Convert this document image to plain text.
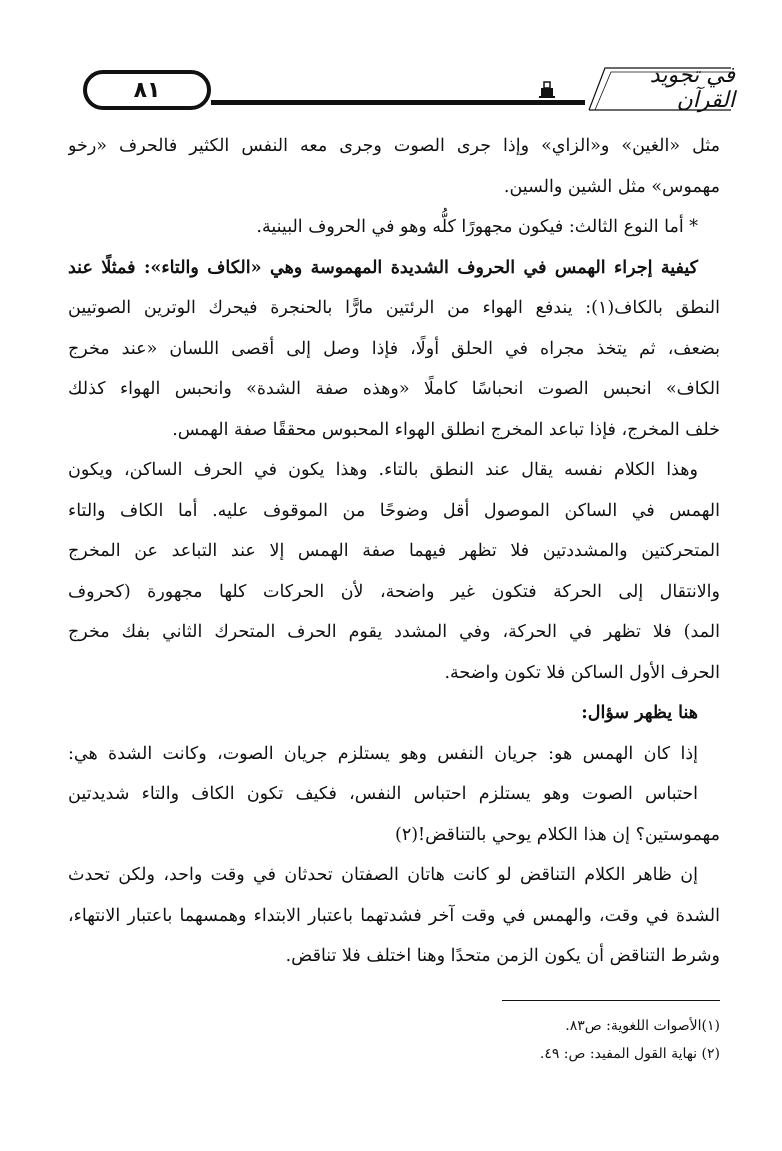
٨١
في تجويد القرآن
مثل «الغين» و«الزاي» وإذا جرى الصوت وجرى معه النفس الكثير فالحرف «رخو
مهموس» مثل الشين والسين.
* أما النوع الثالث: فيكون مجهورًا كلُّه وهو في الحروف البينية.
كيفية إجراء الهمس في الحروف الشديدة المهموسة وهي «الكاف والتاء»: فمثلًا عند
النطق بالكاف(١): يندفع الهواء من الرئتين مارًّا بالحنجرة فيحرك الوترين الصوتيين
بضعف، ثم يتخذ مجراه في الحلق أولًا، فإذا وصل إلى أقصى اللسان «عند مخرج
الكاف» انحبس الصوت انحباسًا كاملًا «وهذه صفة الشدة» وانحبس الهواء كذلك
خلف المخرج، فإذا تباعد المخرج انطلق الهواء المحبوس محققًا صفة الهمس.
وهذا الكلام نفسه يقال عند النطق بالتاء. وهذا يكون في الحرف الساكن، ويكون
الهمس في الساكن الموصول أقل وضوحًا من الموقوف عليه. أما الكاف والتاء
المتحركتين والمشددتين فلا تظهر فيهما صفة الهمس إلا عند التباعد عن المخرج
والانتقال إلى الحركة فتكون غير واضحة، لأن الحركات كلها مجهورة (كحروف
المد) فلا تظهر في الحركة، وفي المشدد يقوم الحرف المتحرك الثاني بفك مخرج
الحرف الأول الساكن فلا تكون واضحة.
هنا يظهر سؤال:
إذا كان الهمس هو: جريان النفس وهو يستلزم جريان الصوت، وكانت الشدة هي:
احتباس الصوت وهو يستلزم احتباس النفس، فكيف تكون الكاف والتاء شديدتين
مهموستين؟ إن هذا الكلام يوحي بالتناقض!(٢)
إن ظاهر الكلام التناقض لو كانت هاتان الصفتان تحدثان في وقت واحد، ولكن تحدث
الشدة في وقت، والهمس في وقت آخر فشدتهما باعتبار الابتداء وهمسهما باعتبار الانتهاء،
وشرط التناقض أن يكون الزمن متحدًا وهنا اختلف فلا تناقض.
(١)الأصوات اللغوية: ص٨٣.
(٢) نهاية القول المفيد: ص: ٤٩.
